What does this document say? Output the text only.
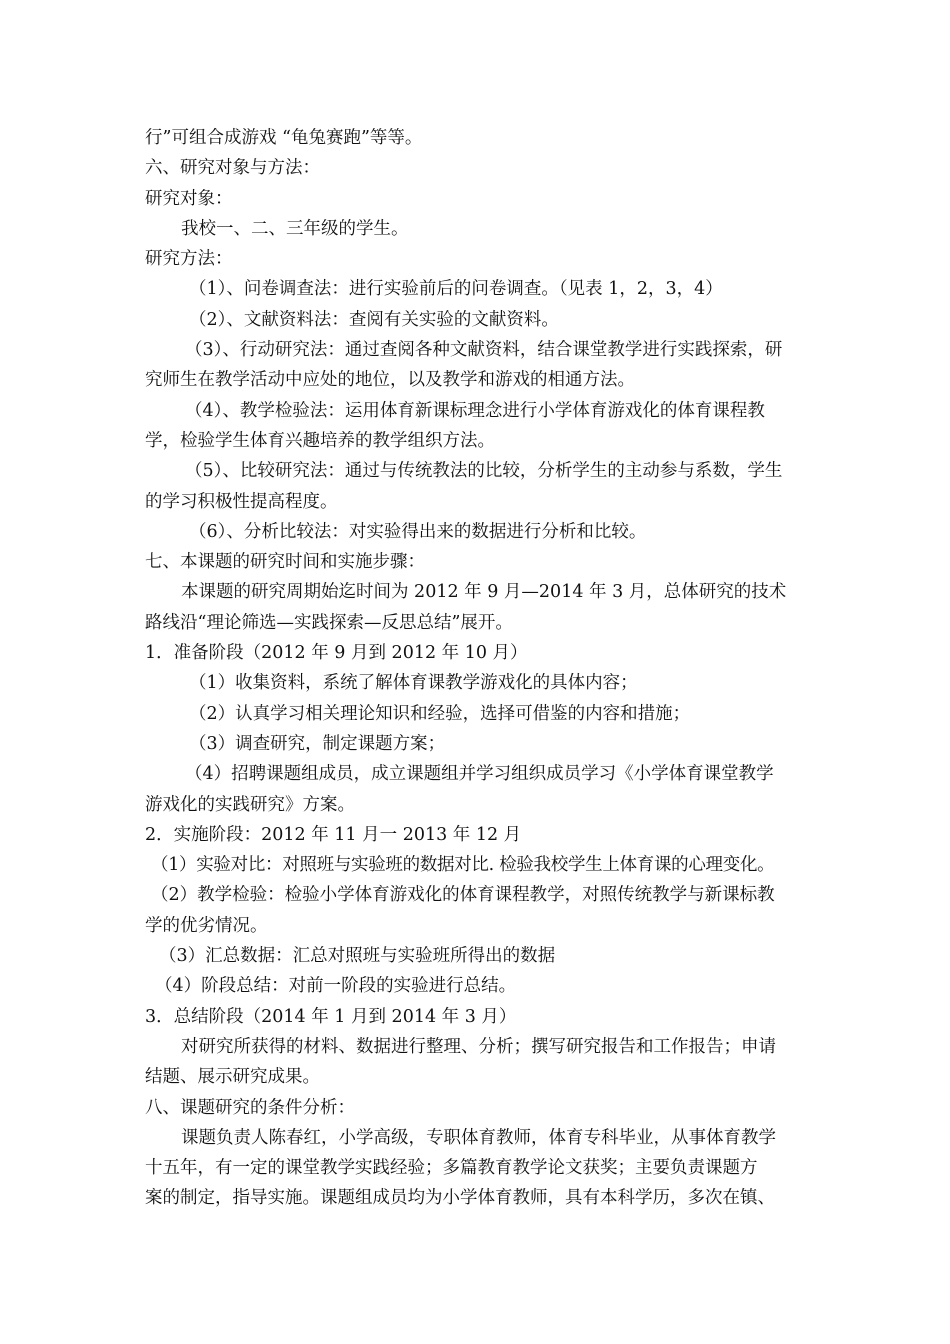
行”可组合成游戏 “龟兔赛跑”等等。
六、研究对象与方法：
研究对象：
我校一、二、三年级的学生。
研究方法：
（1）、问卷调查法：进行实验前后的问卷调查。（见表 1，2，3，4）
（2）、文献资料法：查阅有关实验的文献资料。
（3）、行动研究法：通过查阅各种文献资料，结合课堂教学进行实践探索，研
究师生在教学活动中应处的地位，以及教学和游戏的相通方法。
（4）、教学检验法：运用体育新课标理念进行小学体育游戏化的体育课程教
学，检验学生体育兴趣培养的教学组织方法。
（5）、比较研究法：通过与传统教法的比较，分析学生的主动参与系数，学生
的学习积极性提高程度。
（6）、分析比较法：对实验得出来的数据进行分析和比较。
七、本课题的研究时间和实施步骤：
本课题的研究周期始迄时间为 2012 年 9 月—2014 年 3 月，总体研究的技术
路线沿“理论筛选—实践探索—反思总结”展开。
1．准备阶段（2012 年 9 月到 2012 年 10 月）
（1）收集资料，系统了解体育课教学游戏化的具体内容；
（2）认真学习相关理论知识和经验，选择可借鉴的内容和措施；
（3）调查研究，制定课题方案；
（4）招聘课题组成员，成立课题组并学习组织成员学习《小学体育课堂教学
游戏化的实践研究》方案。
2．实施阶段：2012 年 11 月一 2013 年 12 月
（1）实验对比：对照班与实验班的数据对比. 检验我校学生上体育课的心理变化。
（2）教学检验：检验小学体育游戏化的体育课程教学，对照传统教学与新课标教
学的优劣情况。
（3）汇总数据：汇总对照班与实验班所得出的数据
（4）阶段总结：对前一阶段的实验进行总结。
3．总结阶段（2014 年 1 月到 2014 年 3 月）
对研究所获得的材料、数据进行整理、分析；撰写研究报告和工作报告；申请
结题、展示研究成果。
八、课题研究的条件分析：
课题负责人陈春红，小学高级，专职体育教师，体育专科毕业，从事体育教学
十五年，有一定的课堂教学实践经验；多篇教育教学论文获奖；主要负责课题方
案的制定，指导实施。课题组成员均为小学体育教师，具有本科学历，多次在镇、
